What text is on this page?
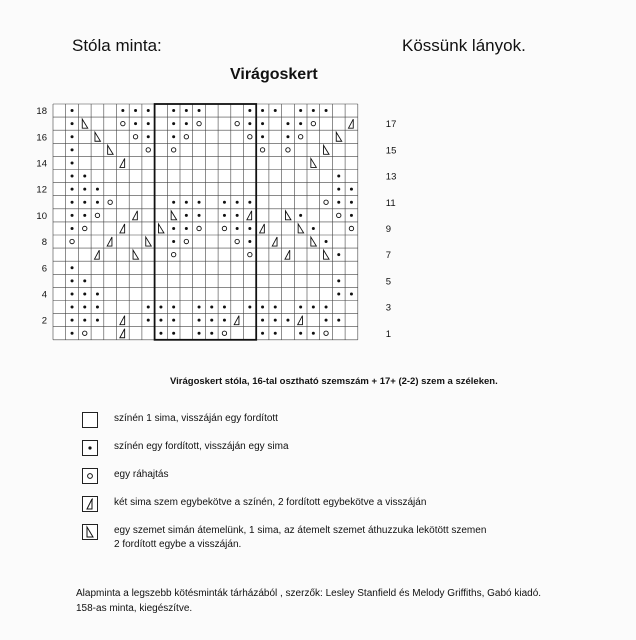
Stóla minta:	Kössünk lányok.
Virágoskert
18
16
14
12
10
8
6
4
2
17
15
13
11
9
7
5
3
1
Virágoskert stóla, 16-tal osztható szemszám + 17+ (2-2) szem a széleken.
színén 1 sima, visszáján egy fordított
színén egy fordított, visszáján egy sima
egy ráhajtás
két sima szem egybekötve a színén, 2 fordított egybekötve a visszáján
egy szemet simán átemelünk, 1 sima, az átemelt szemet áthuzzuka lekötött szemen
2 fordított egybe a visszáján.
Alapminta a legszebb kötésminták tárházából , szerzők: Lesley Stanfield és Melody Griffiths, Gabó kiadó.
158-as minta, kiegészítve.
